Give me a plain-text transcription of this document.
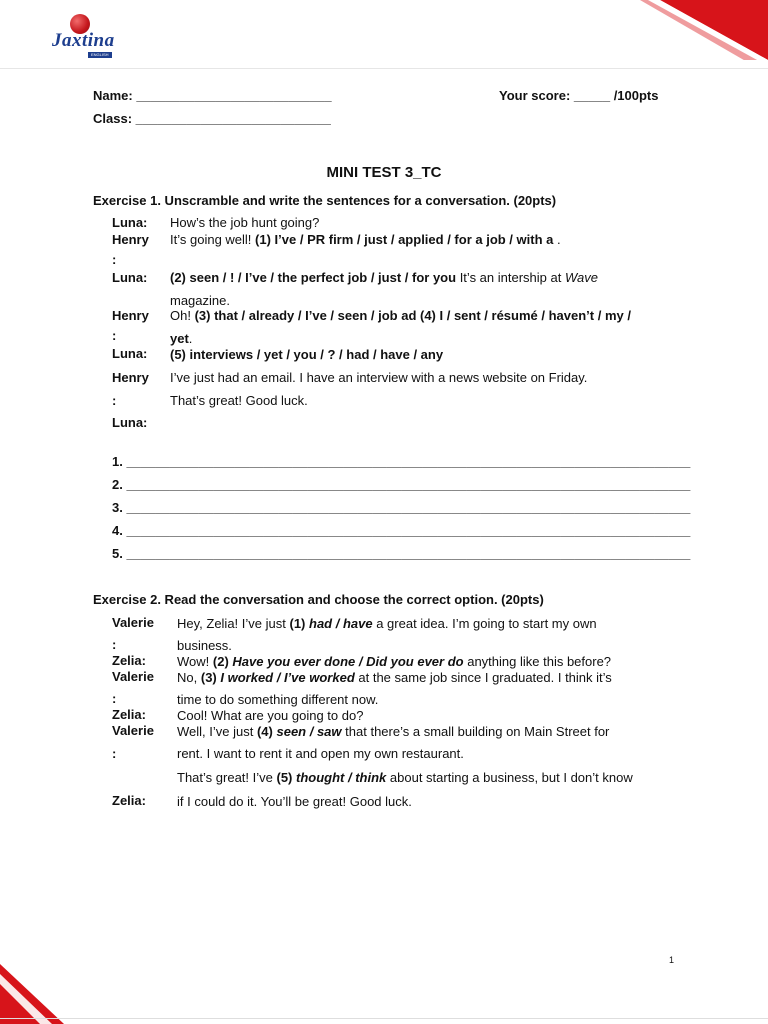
Jaxtina
ENGLISH
Name: ___________________________
Class: ___________________________
Your score: _____ /100pts
MINI TEST 3_TC
Exercise 1. Unscramble and write the sentences for a conversation. (20pts)
Luna:
Henry
:
Luna:
Henry
:
Luna:
Henry
:
Luna:
How’s the job hunt going?
It’s going well! (1) I’ve / PR firm / just / applied / for a job / with a .
(2) seen / ! / I’ve / the perfect job / just / for you It’s an intership at Wave
magazine.
Oh! (3) that / already / I’ve / seen / job ad (4) I / sent / résumé / haven’t / my /
yet.
(5) interviews / yet / you / ? / had / have / any
I’ve just had an email. I have an interview with a news website on Friday.
That’s great! Good luck.
1. ______________________________________________________________________________
2. ______________________________________________________________________________
3. ______________________________________________________________________________
4. ______________________________________________________________________________
5. ______________________________________________________________________________
Exercise 2. Read the conversation and choose the correct option. (20pts)
Valerie
:
Zelia:
Valerie
:
Zelia:
Valerie
:
Zelia:
Hey, Zelia! I’ve just (1) had / have a great idea. I’m going to start my own
business.
Wow! (2) Have you ever done / Did you ever do anything like this before?
No, (3) I worked / I’ve worked at the same job since I graduated. I think it’s
time to do something different now.
Cool! What are you going to do?
Well, I’ve just (4) seen / saw that there’s a small building on Main Street for
rent. I want to rent it and open my own restaurant.
That’s great! I’ve (5) thought / think about starting a business, but I don’t know
if I could do it. You’ll be great! Good luck.
1
